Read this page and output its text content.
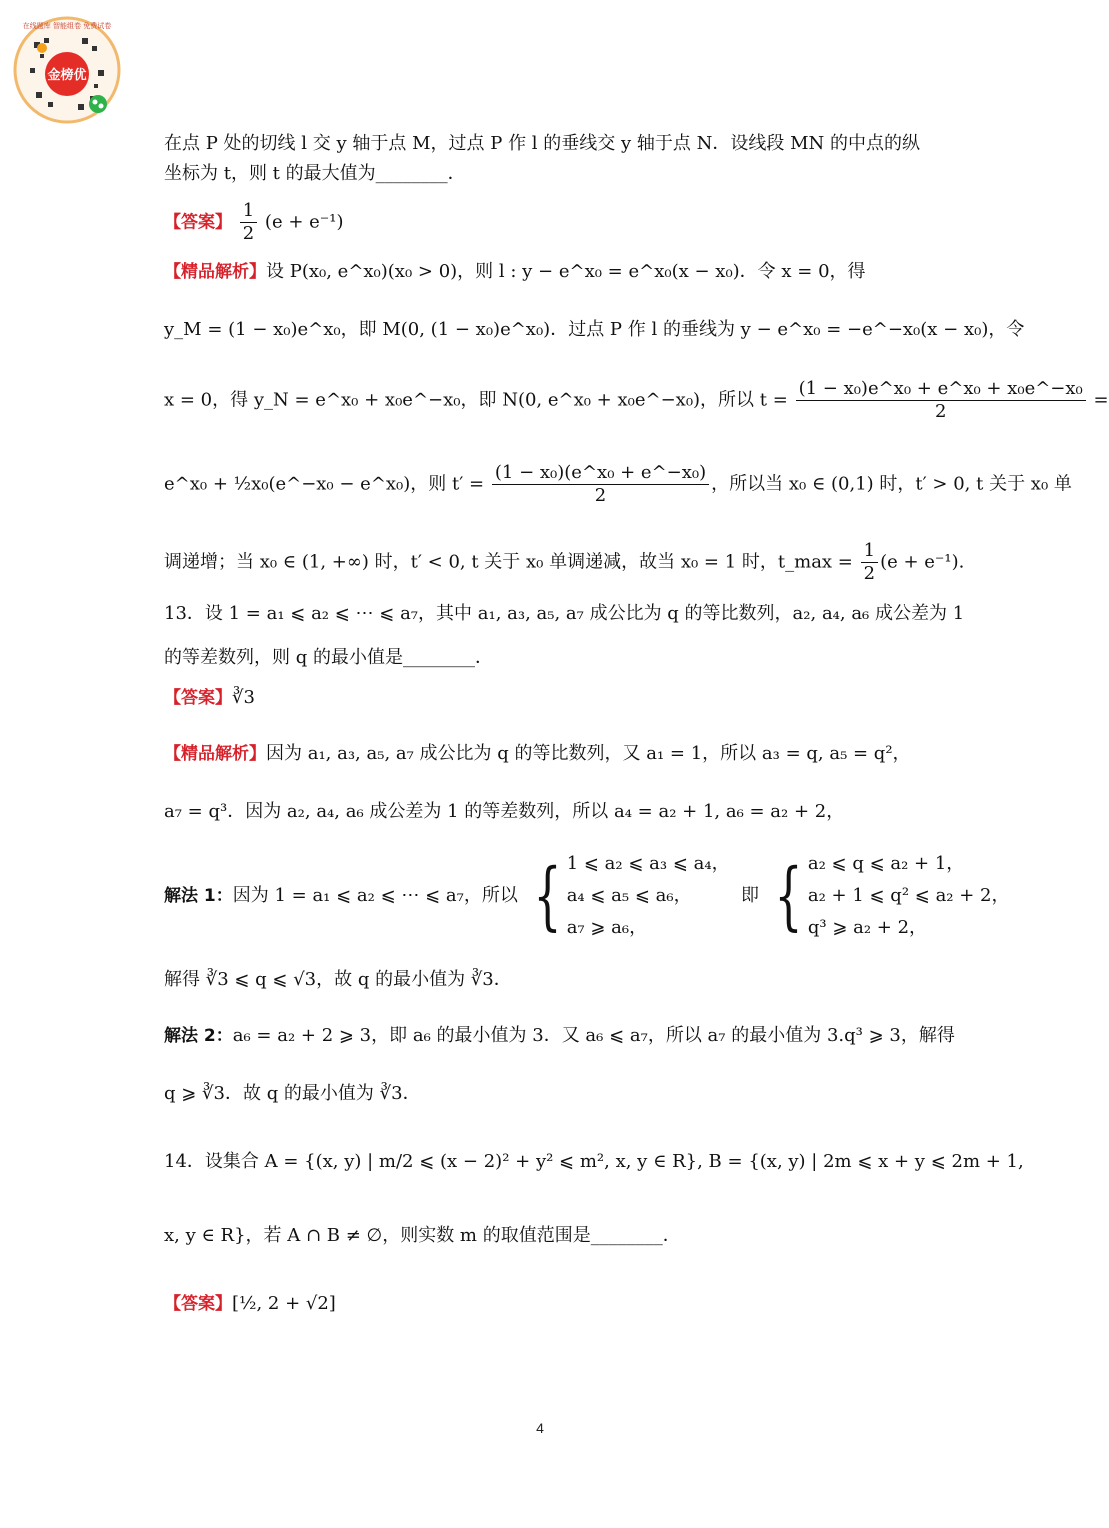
金榜优
在线题库 智能组卷 免费试卷
在点 P 处的切线 l 交 y 轴于点 M，过点 P 作 l 的垂线交 y 轴于点 N．设线段 MN 的中点的纵
坐标为 t，则 t 的最大值为________．
【答案】 $\frac{1}{2} (e + e^{-1})$
【精品解析】设 P(x₀, e^x₀)(x₀ > 0)，则 l : y − e^x₀ = e^x₀(x − x₀)．令 x = 0，得
y_M = (1 − x₀)e^x₀，即 M(0, (1 − x₀)e^x₀)．过点 P 作 l 的垂线为 y − e^x₀ = −e^−x₀(x − x₀)，令
x = 0，得 y_N = e^x₀ + x₀e^−x₀，即 N(0, e^x₀ + x₀e^−x₀)，所以 $t = \frac{\text{(1 − x₀)e\textasciicircum{}x₀ + e\textasciicircum{}x₀ + x₀e\textasciicircum{}−x₀}}{2}$ =
e^x₀ + ½x₀(e^−x₀ − e^x₀)，则 $t' = \frac{\text{(1 − x₀)(e\textasciicircum{}x₀ + e\textasciicircum{}−x₀)}}{2}$ ，所以当 x₀ ∈ (0,1) 时，t′ > 0, t 关于 x₀ 单
调递增；当 x₀ ∈ (1, +∞) 时，t′ < 0, t 关于 x₀ 单调递减，故当 x₀ = 1 时，t_max = $\frac{1}{2} (e + e^{-1})$.
13．设 1 = a₁ ⩽ a₂ ⩽ ⋯ ⩽ a₇，其中 a₁, a₃, a₅, a₇ 成公比为 q 的等比数列，a₂, a₄, a₆ 成公差为 1
的等差数列，则 q 的最小值是________．
【答案】∛3
【精品解析】因为 a₁, a₃, a₅, a₇ 成公比为 q 的等比数列，又 a₁ = 1，所以 a₃ = q, a₅ = q²，
a₇ = q³．因为 a₂, a₄, a₆ 成公差为 1 的等差数列，所以 a₄ = a₂ + 1, a₆ = a₂ + 2，
解法 1：因为 1 = a₁ ⩽ a₂ ⩽ ⋯ ⩽ a₇，所以 { 1 ⩽ a₂ ⩽ a₃ ⩽ a₄，
a₄ ⩽ a₅ ⩽ a₆，
a₇ ⩾ a₆，
即 { a₂ ⩽ q ⩽ a₂ + 1，
a₂ + 1 ⩽ q² ⩽ a₂ + 2，
q³ ⩾ a₂ + 2，
解得 ∛3 ⩽ q ⩽ √3，故 q 的最小值为 ∛3．
解法 2：a₆ = a₂ + 2 ⩾ 3，即 a₆ 的最小值为 3．又 a₆ ⩽ a₇，所以 a₇ 的最小值为 3.q³ ⩾ 3，解得
q ⩾ ∛3．故 q 的最小值为 ∛3．
14．设集合 A = {(x, y) | m/2 ⩽ (x − 2)² + y² ⩽ m², x, y ∈ R}, B = {(x, y) | 2m ⩽ x + y ⩽ 2m + 1,
x, y ∈ R}，若 A ∩ B ≠ ∅，则实数 m 的取值范围是________．
【答案】[½, 2 + √2]
4
